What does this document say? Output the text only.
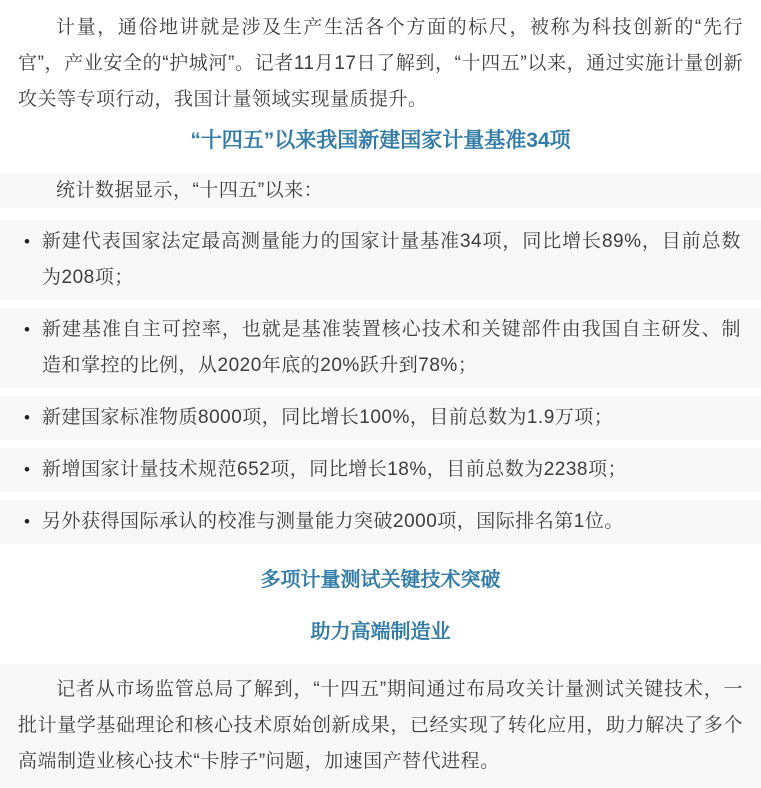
计量，通俗地讲就是涉及生产生活各个方面的标尺，被称为科技创新的“先行官”，产业安全的“护城河”。记者11月17日了解到，“十四五”以来，通过实施计量创新攻关等专项行动，我国计量领域实现量质提升。

“十四五”以来我国新建国家计量基准34项

统计数据显示，“十四五”以来：

• 新建代表国家法定最高测量能力的国家计量基准34项，同比增长89%，目前总数为208项；
• 新建基准自主可控率，也就是基准装置核心技术和关键部件由我国自主研发、制造和掌控的比例，从2020年底的20%跃升到78%；
• 新建国家标准物质8000项，同比增长100%，目前总数为1.9万项；
• 新增国家计量技术规范652项，同比增长18%，目前总数为2238项；
• 另外获得国际承认的校准与测量能力突破2000项，国际排名第1位。
多项计量测试关键技术突破
助力高端制造业

记者从市场监管总局了解到，“十四五”期间通过布局攻关计量测试关键技术，一批计量学基础理论和核心技术原始创新成果，已经实现了转化应用，助力解决了多个高端制造业核心技术“卡脖子”问题，加速国产替代进程。
